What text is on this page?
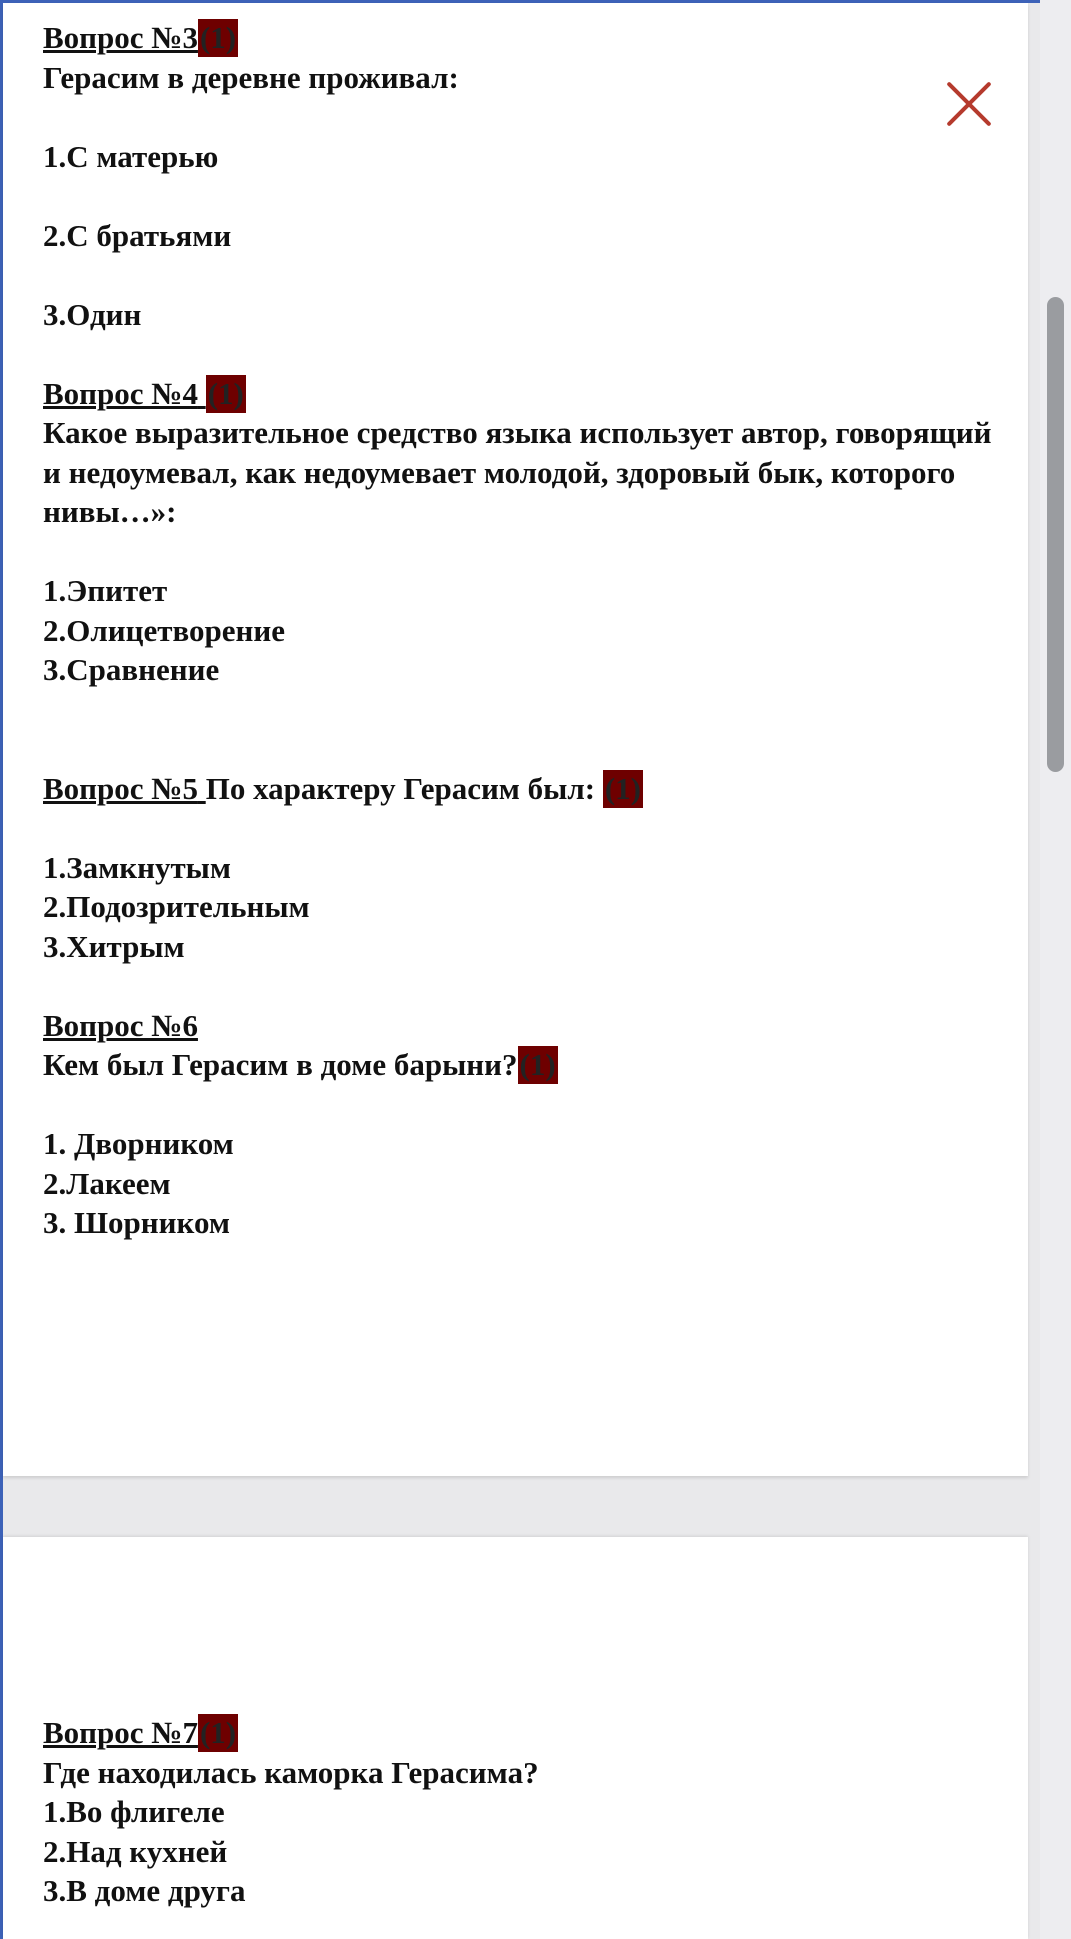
Вопрос №3(1)
Герасим в деревне проживал:
1.С матерью
2.С братьями
3.Один
Вопрос №4 (1)
Какое выразительное средство языка использует автор, говорящий
и недоумевал, как недоумевает молодой, здоровый бык, которого
нивы…»:
1.Эпитет
2.Олицетворение
3.Сравнение
Вопрос №5 По характеру Герасим был: (1)
1.Замкнутым
2.Подозрительным
3.Хитрым
Вопрос №6
Кем был Герасим в доме барыни?(1)
1. Дворником
2.Лакеем
3. Шорником
Вопрос №7(1)
Где находилась каморка Герасима?
1.Во флигеле
2.Над кухней
3.В доме друга
